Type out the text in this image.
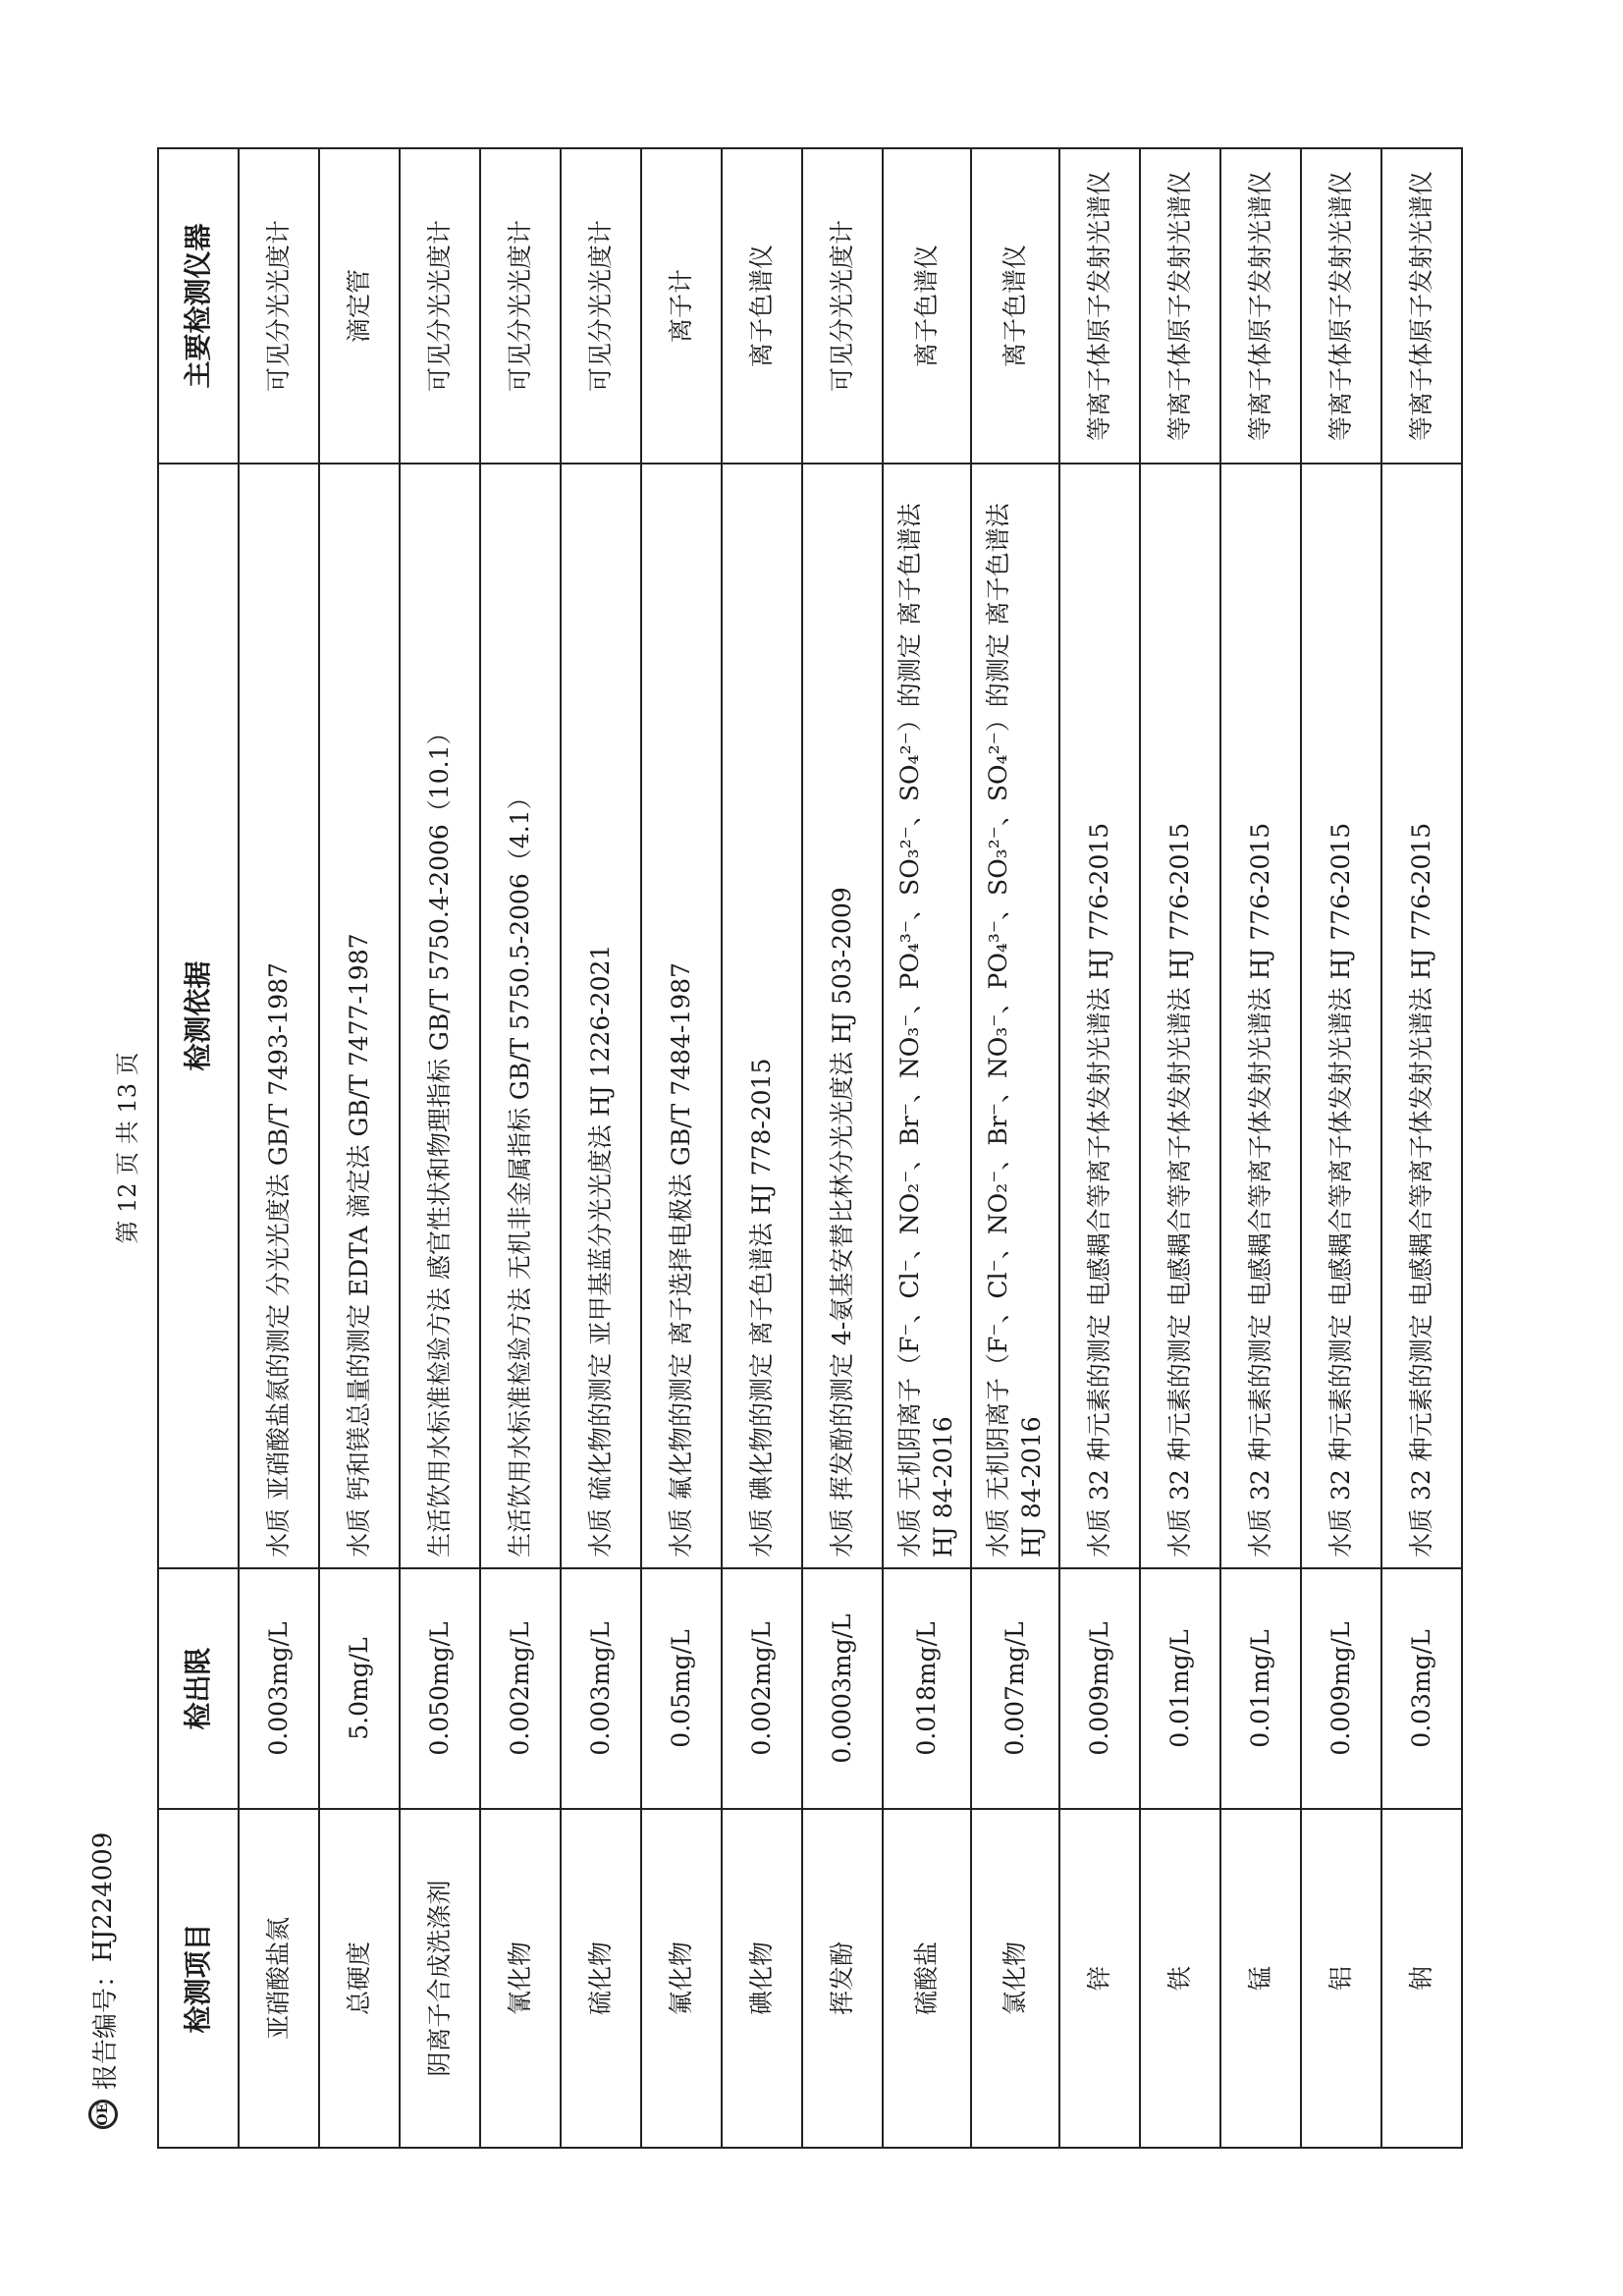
OE
报告编号：
HJ224009
第 12 页 共 13 页
检测项目	检出限	检测依据	主要检测仪器
亚硝酸盐氮	0.003mg/L	水质 亚硝酸盐氮的测定 分光光度法 GB/T 7493-1987	可见分光光度计
总硬度	5.0mg/L	水质 钙和镁总量的测定 EDTA 滴定法 GB/T 7477-1987	滴定管
阴离子合成洗涤剂	0.050mg/L	生活饮用水标准检验方法 感官性状和物理指标 GB/T 5750.4-2006（10.1）	可见分光光度计
氰化物	0.002mg/L	生活饮用水标准检验方法 无机非金属指标 GB/T 5750.5-2006（4.1）	可见分光光度计
硫化物	0.003mg/L	水质 硫化物的测定 亚甲基蓝分光光度法 HJ 1226-2021	可见分光光度计
氟化物	0.05mg/L	水质 氟化物的测定 离子选择电极法 GB/T 7484-1987	离子计
碘化物	0.002mg/L	水质 碘化物的测定 离子色谱法 HJ 778-2015	离子色谱仪
挥发酚	0.0003mg/L	水质 挥发酚的测定 4-氨基安替比林分光光度法 HJ 503-2009	可见分光光度计
硫酸盐	0.018mg/L	水质 无机阴离子（F⁻、Cl⁻、NO₂⁻、Br⁻、NO₃⁻、PO₄³⁻、SO₃²⁻、SO₄²⁻）的测定 离子色谱法 HJ 84-2016	离子色谱仪
氯化物	0.007mg/L	水质 无机阴离子（F⁻、Cl⁻、NO₂⁻、Br⁻、NO₃⁻、PO₄³⁻、SO₃²⁻、SO₄²⁻）的测定 离子色谱法 HJ 84-2016	离子色谱仪
锌	0.009mg/L	水质 32 种元素的测定 电感耦合等离子体发射光谱法 HJ 776-2015	等离子体原子发射光谱仪
铁	0.01mg/L	水质 32 种元素的测定 电感耦合等离子体发射光谱法 HJ 776-2015	等离子体原子发射光谱仪
锰	0.01mg/L	水质 32 种元素的测定 电感耦合等离子体发射光谱法 HJ 776-2015	等离子体原子发射光谱仪
铝	0.009mg/L	水质 32 种元素的测定 电感耦合等离子体发射光谱法 HJ 776-2015	等离子体原子发射光谱仪
钠	0.03mg/L	水质 32 种元素的测定 电感耦合等离子体发射光谱法 HJ 776-2015	等离子体原子发射光谱仪
